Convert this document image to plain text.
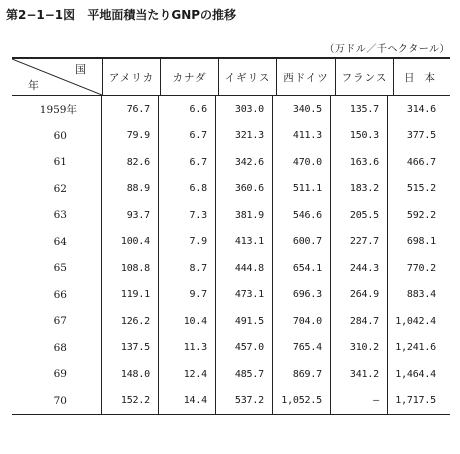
第2−1−1図 平地面積当たりGNPの推移
（万ドル／千ヘクタール）
国
年
アメリカ	カナダ	イギリス	西ドイツ	フランス	日 本
1959年	76.7	6.6	303.0	340.5	135.7	314.6
60	79.9	6.7	321.3	411.3	150.3	377.5
61	82.6	6.7	342.6	470.0	163.6	466.7
62	88.9	6.8	360.6	511.1	183.2	515.2
63	93.7	7.3	381.9	546.6	205.5	592.2
64	100.4	7.9	413.1	600.7	227.7	698.1
65	108.8	8.7	444.8	654.1	244.3	770.2
66	119.1	9.7	473.1	696.3	264.9	883.4
67	126.2	10.4	491.5	704.0	284.7	1,042.4
68	137.5	11.3	457.0	765.4	310.2	1,241.6
69	148.0	12.4	485.7	869.7	341.2	1,464.4
70	152.2	14.4	537.2	1,052.5	—	1,717.5
